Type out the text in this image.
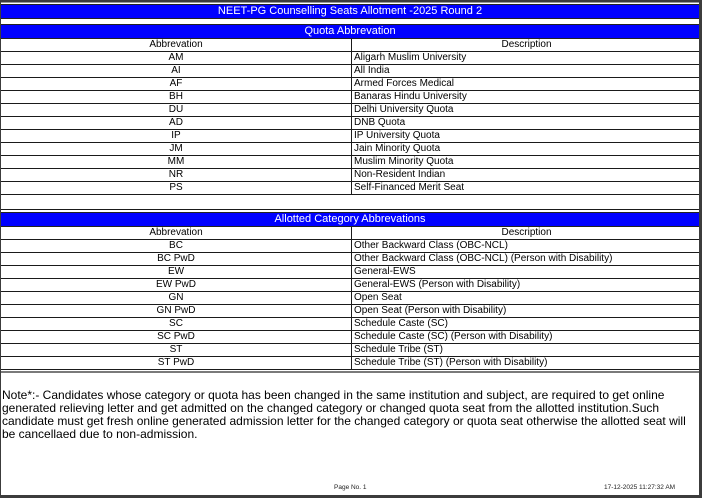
NEET-PG Counselling Seats Allotment -2025 Round 2
Quota Abbrevation
Abbrevation	Description
AM	Aligarh Muslim University
AI	All India
AF	Armed Forces Medical
BH	Banaras Hindu University
DU	Delhi University Quota
AD	DNB Quota
IP	IP University Quota
JM	Jain Minority Quota
MM	Muslim Minority Quota
NR	Non-Resident Indian
PS	Self-Financed Merit Seat
Allotted Category Abbrevations
Abbrevation	Description
BC	Other Backward Class (OBC-NCL)
BC PwD	Other Backward Class (OBC-NCL) (Person with Disability)
EW	General-EWS
EW PwD	General-EWS (Person with Disability)
GN	Open Seat
GN PwD	Open Seat (Person with Disability)
SC	Schedule Caste (SC)
SC PwD	Schedule Caste (SC) (Person with Disability)
ST	Schedule Tribe (ST)
ST PwD	Schedule Tribe (ST) (Person with Disability)
Note*:- Candidates whose category or quota has been changed in the same institution and subject, are required to get online generated relieving letter and get admitted on the changed category or changed quota seat from the allotted institution.Such candidate must get fresh online generated admission letter for the changed category or quota seat otherwise the allotted seat will be cancellaed due to non-admission.
Page No. 1	17-12-2025 11:27:32 AM
